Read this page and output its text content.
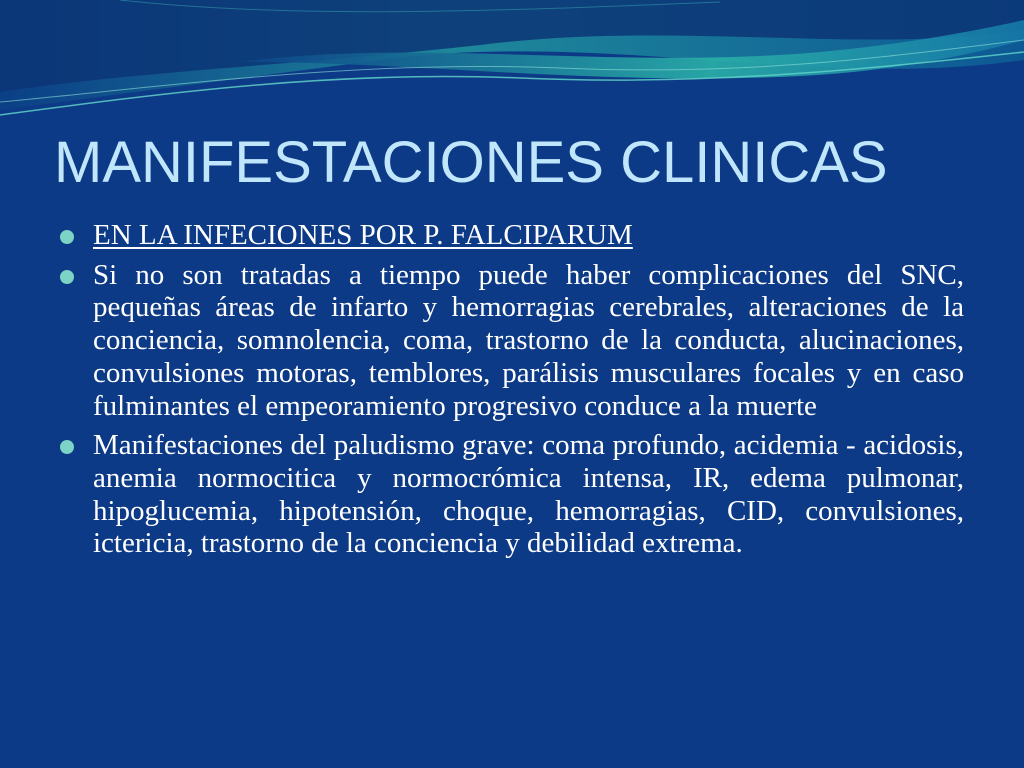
MANIFESTACIONES CLINICAS
EN LA INFECIONES POR P. FALCIPARUM
Si no son tratadas a tiempo puede haber complicaciones del SNC, pequeñas áreas de infarto y hemorragias cerebrales, alteraciones de la conciencia, somnolencia, coma, trastorno de la conducta, alucinaciones, convulsiones motoras, temblores, parálisis musculares focales y en caso fulminantes el empeoramiento progresivo conduce a la muerte
Manifestaciones del paludismo grave: coma profundo, acidemia - acidosis, anemia normocitica y normocrómica intensa, IR, edema pulmonar, hipoglucemia, hipotensión, choque, hemorragias, CID, convulsiones, ictericia, trastorno de la conciencia y debilidad extrema.
